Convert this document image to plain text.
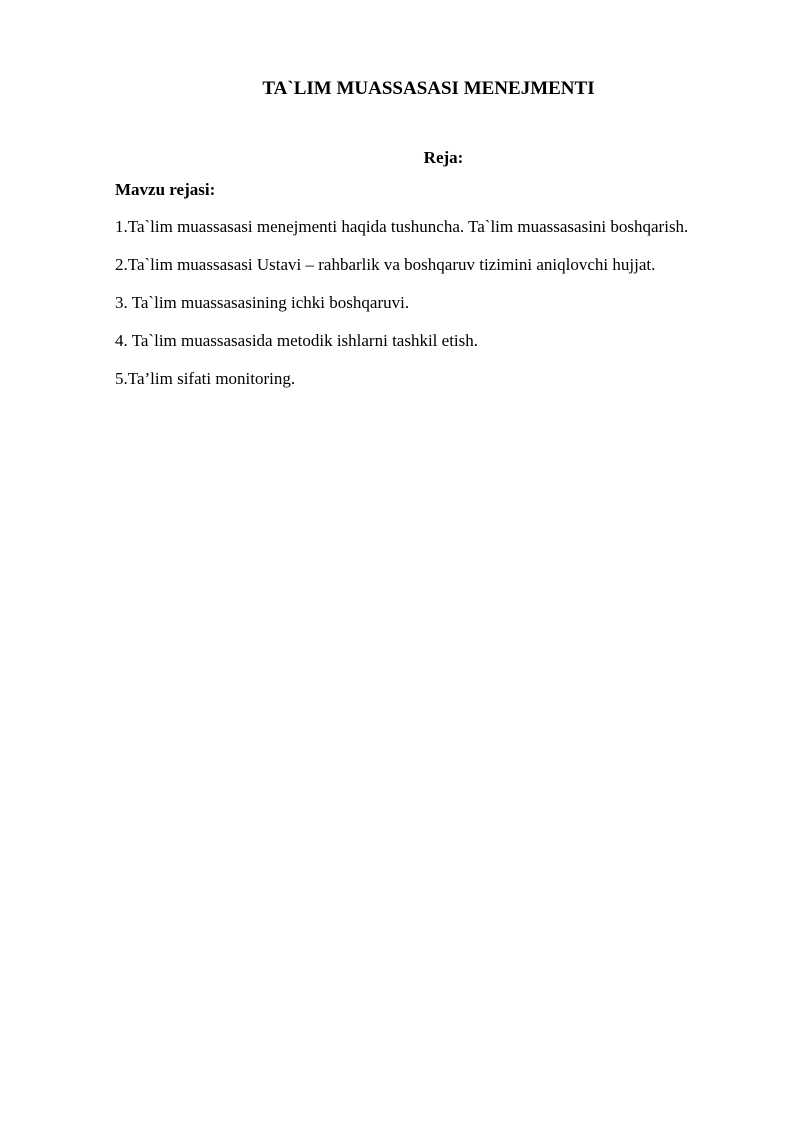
TA`LIM MUASSASASI MENEJMENTI

Reja:

Mavzu rejasi:

1.Ta`lim muassasasi menejmenti haqida tushuncha. Ta`lim muassasasini boshqarish.
2.Ta`lim muassasasi Ustavi – rahbarlik va boshqaruv tizimini aniqlovchi hujjat.
3. Ta`lim muassasasining ichki boshqaruvi.
4. Ta`lim muassasasida metodik ishlarni tashkil etish.
5.Ta’lim sifati monitoring.
